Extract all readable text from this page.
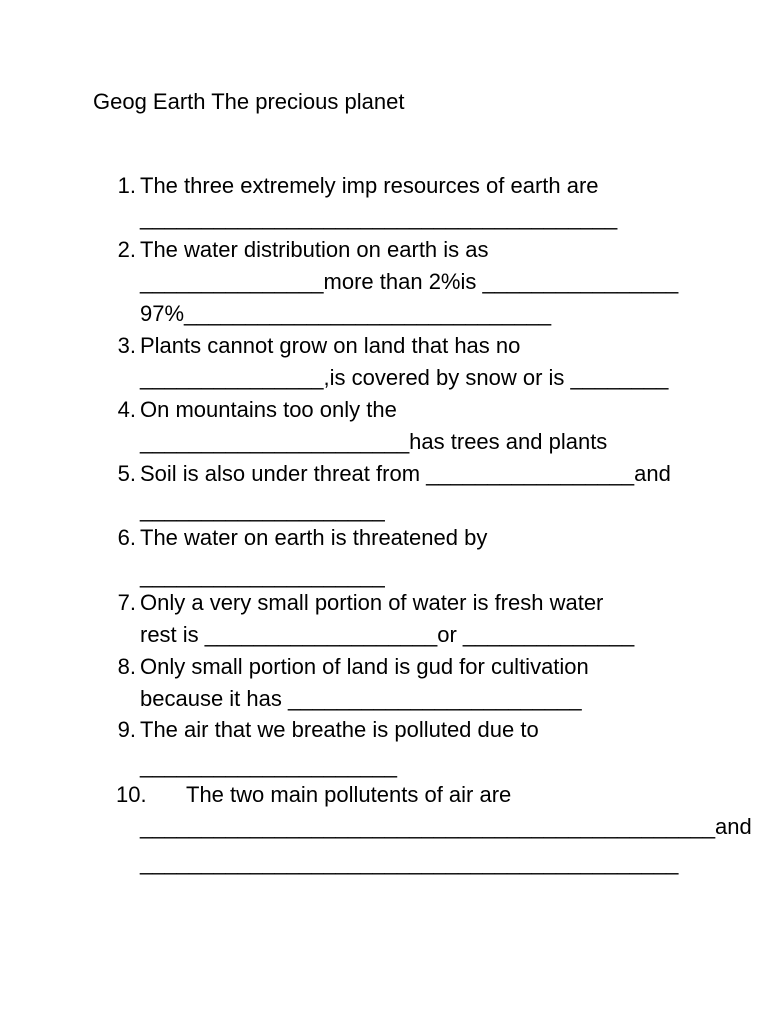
Geog Earth The precious planet
1. The three extremely imp resources of earth are
_______________________________________
2. The water distribution on earth is as
_______________more than 2%is ________________
97%______________________________
3. Plants cannot grow on land that has no
_______________,is covered by snow or is ________
4. On mountains too only the
______________________has trees and plants
5. Soil is also under threat from _________________and
____________________
6. The water on earth is threatened by
____________________
7. Only a very small portion of water is fresh water
rest is ___________________or ______________
8. Only small portion of land is gud for cultivation
because it has ________________________
9. The air that we breathe is polluted due to
_____________________
10.	The two main pollutents of air are
_______________________________________________and
____________________________________________
